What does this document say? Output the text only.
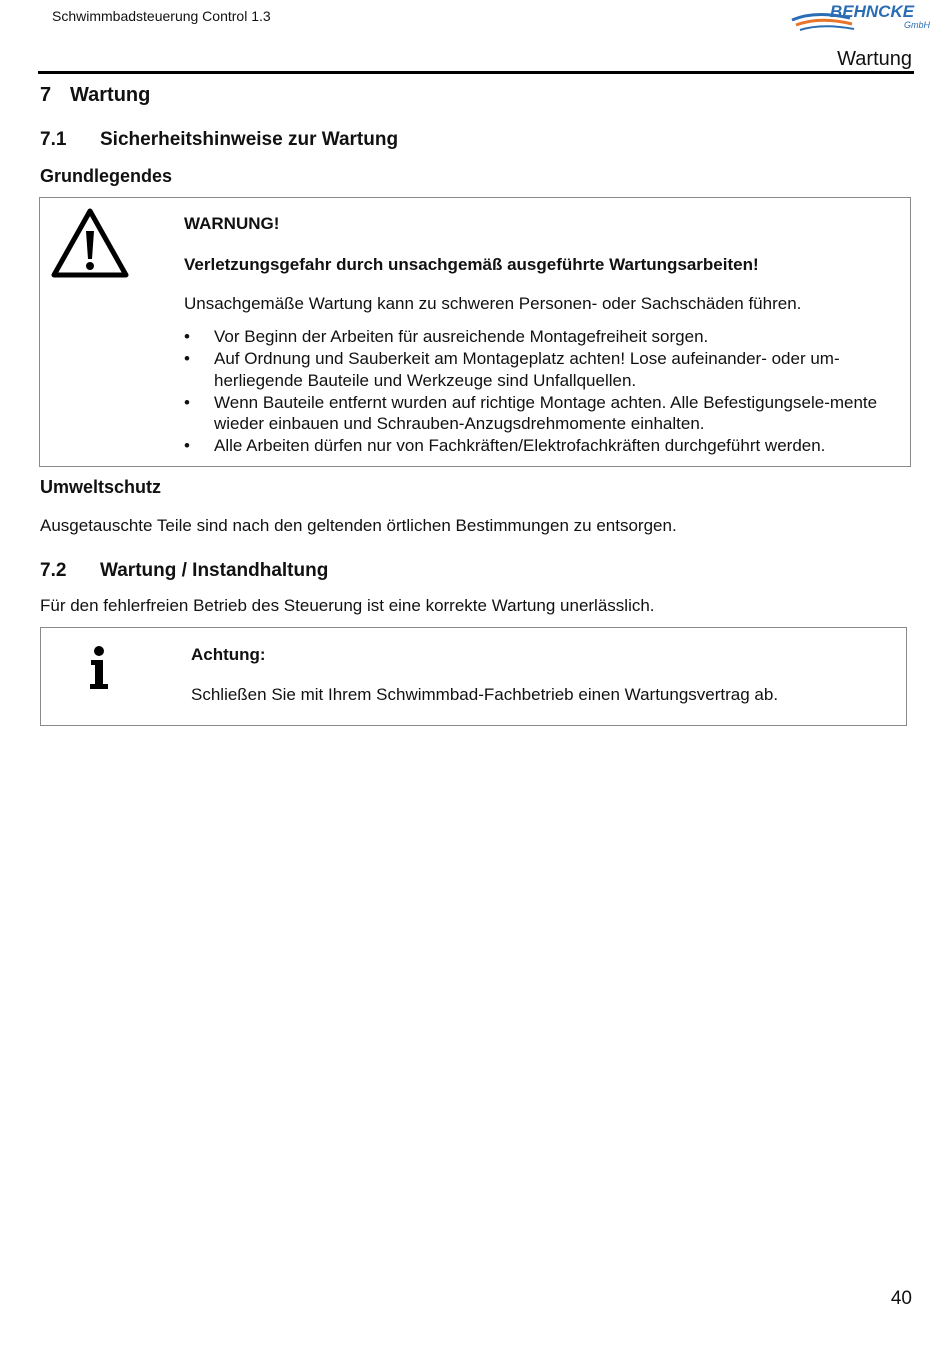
Schwimmbadsteuerung Control 1.3	BEHNCKE
GmbH
Wartung
7 Wartung
7.1 Sicherheitshinweise zur Wartung
Grundlegendes
WARNUNG!
Verletzungsgefahr durch unsachgemäß ausgeführte Wartungsarbeiten!
Unsachgemäße Wartung kann zu schweren Personen- oder Sachschäden führen.
• Vor Beginn der Arbeiten für ausreichende Montagefreiheit sorgen.
• Auf Ordnung und Sauberkeit am Montageplatz achten! Lose aufeinander- oder um-herliegende Bauteile und Werkzeuge sind Unfallquellen.
• Wenn Bauteile entfernt wurden auf richtige Montage achten. Alle Befestigungsele-mente wieder einbauen und Schrauben-Anzugsdrehmomente einhalten.
• Alle Arbeiten dürfen nur von Fachkräften/Elektrofachkräften durchgeführt werden.
Umweltschutz
Ausgetauschte Teile sind nach den geltenden örtlichen Bestimmungen zu entsorgen.
7.2 Wartung / Instandhaltung
Für den fehlerfreien Betrieb des Steuerung ist eine korrekte Wartung unerlässlich.
Achtung:
Schließen Sie mit Ihrem Schwimmbad-Fachbetrieb einen Wartungsvertrag ab.
40
